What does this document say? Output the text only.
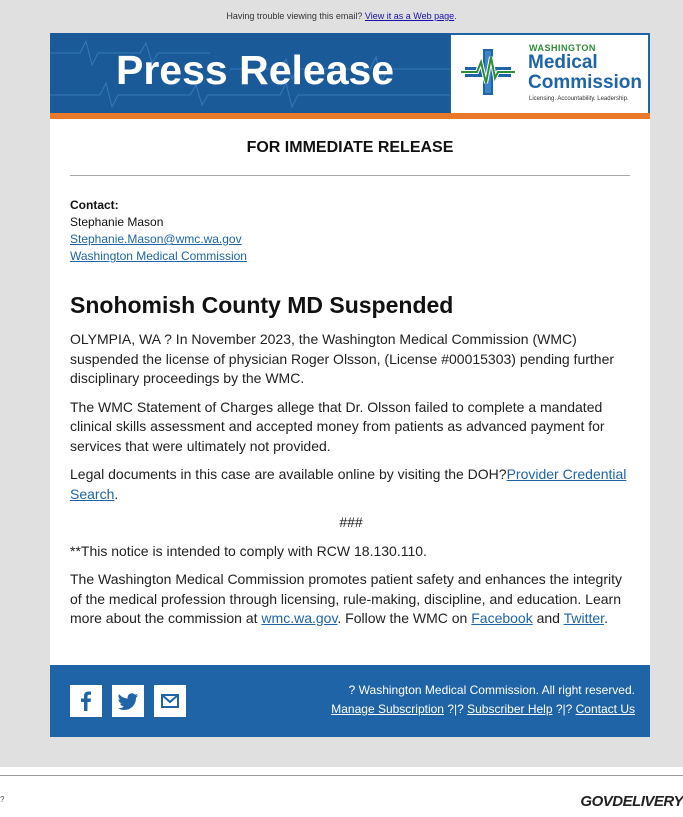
Having trouble viewing this email? View it as a Web page.
Press Release	WASHINGTON
Medical
Commission
Licensing. Accountability. Leadership.
FOR IMMEDIATE RELEASE
Contact:
Stephanie Mason
Stephanie.Mason@wmc.wa.gov
Washington Medical Commission
Snohomish County MD Suspended

OLYMPIA, WA ? In November 2023, the Washington Medical Commission (WMC) suspended the license of physician Roger Olsson, (License #00015303) pending further disciplinary proceedings by the WMC.

The WMC Statement of Charges allege that Dr. Olsson failed to complete a mandated clinical skills assessment and accepted money from patients as advanced payment for services that were ultimately not provided.

Legal documents in this case are available online by visiting the DOH?Provider Credential Search.

###

**This notice is intended to comply with RCW 18.130.110.

The Washington Medical Commission promotes patient safety and enhances the integrity of the medical profession through licensing, rule-making, discipline, and education. Learn more about the commission at wmc.wa.gov. Follow the WMC on Facebook and Twitter.

? Washington Medical Commission. All right reserved.
Manage Subscription ?|? Subscriber Help ?|? Contact Us
?	GOVDELIVERY
